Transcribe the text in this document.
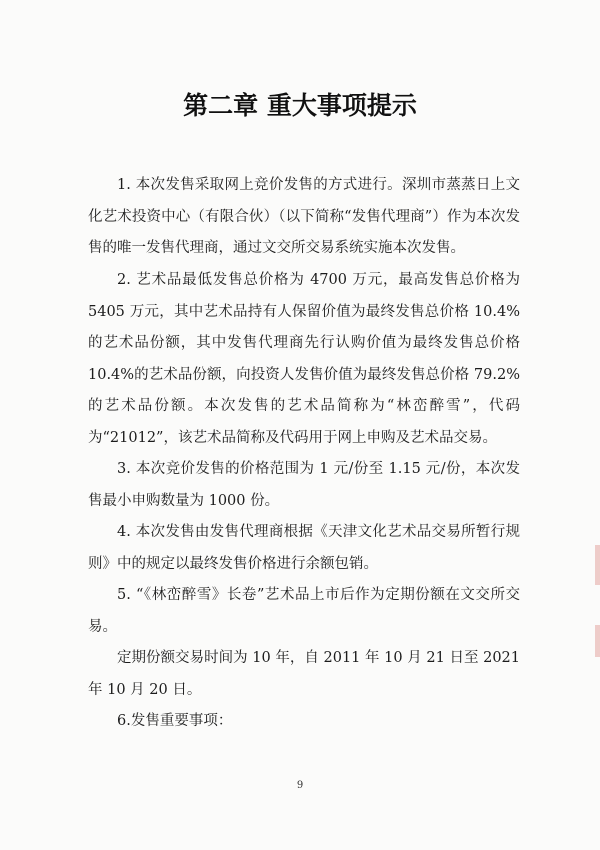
第二章 重大事项提示

1. 本次发售采取网上竞价发售的方式进行。深圳市蒸蒸日上文化艺术投资中心（有限合伙）（以下简称“发售代理商”）作为本次发售的唯一发售代理商，通过文交所交易系统实施本次发售。

2. 艺术品最低发售总价格为 4700 万元，最高发售总价格为 5405 万元，其中艺术品持有人保留价值为最终发售总价格 10.4%的艺术品份额，其中发售代理商先行认购价值为最终发售总价格 10.4%的艺术品份额，向投资人发售价值为最终发售总价格 79.2%的艺术品份额。本次发售的艺术品简称为“林峦醉雪”，代码为“21012”，该艺术品简称及代码用于网上申购及艺术品交易。

3. 本次竞价发售的价格范围为 1 元/份至 1.15 元/份，本次发售最小申购数量为 1000 份。

4. 本次发售由发售代理商根据《天津文化艺术品交易所暂行规则》中的规定以最终发售价格进行余额包销。

5. “《林峦醉雪》长卷”艺术品上市后作为定期份额在文交所交易。

定期份额交易时间为 10 年，自 2011 年 10 月 21 日至 2021 年 10 月 20 日。

6.发售重要事项：

9
